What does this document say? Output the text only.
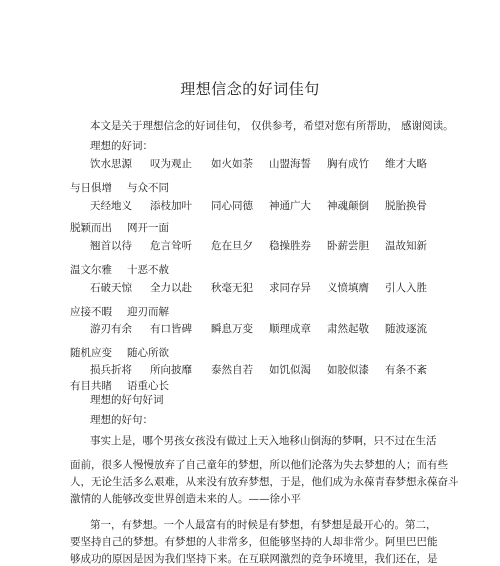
理想信念的好词佳句
本文是关于理想信念的好词佳句， 仅供参考，希望对您有所帮助， 感谢阅读。
理想的好词：
饮水思源 叹为观止 如火如荼 山盟海誓 胸有成竹 维才大略
与日俱增 与众不同
天经地义 添枝加叶 同心同德 神通广大 神魂颠倒 脱胎换骨
脱颖而出 网开一面
翘首以待 危言耸听 危在旦夕 稳操胜券 卧薪尝胆 温故知新
温文尔雅 十恶不赦
石破天惊 全力以赴 秋毫无犯 求同存异 义愤填膺 引人入胜
应接不暇 迎刃而解
游刃有余 有口皆碑 瞬息万变 顺理成章 肃然起敬 随波逐流
随机应变 随心所欲
损兵折将 所向披靡 泰然自若 如饥似渴 如胶似漆 有条不紊
有目共睹 语重心长
理想的好句好词
理想的好句：
事实上是，哪个男孩女孩没有做过上天入地移山倒海的梦啊，只不过在生活
面前，很多人慢慢放弃了自己童年的梦想，所以他们沦落为失去梦想的人；而有些
人，无论生活多么艰难，从来没有放弃梦想，于是，他们成为永葆青春梦想永葆奋斗
激情的人能够改变世界创造未来的人。——徐小平
第一，有梦想。一个人最富有的时候是有梦想，有梦想是最开心的。第二，
要坚持自己的梦想。有梦想的人非常多，但能够坚持的人却非常少。阿里巴巴能
够成功的原因是因为我们坚持下来。在互联网激烈的竞争环境里，我们还在，是
